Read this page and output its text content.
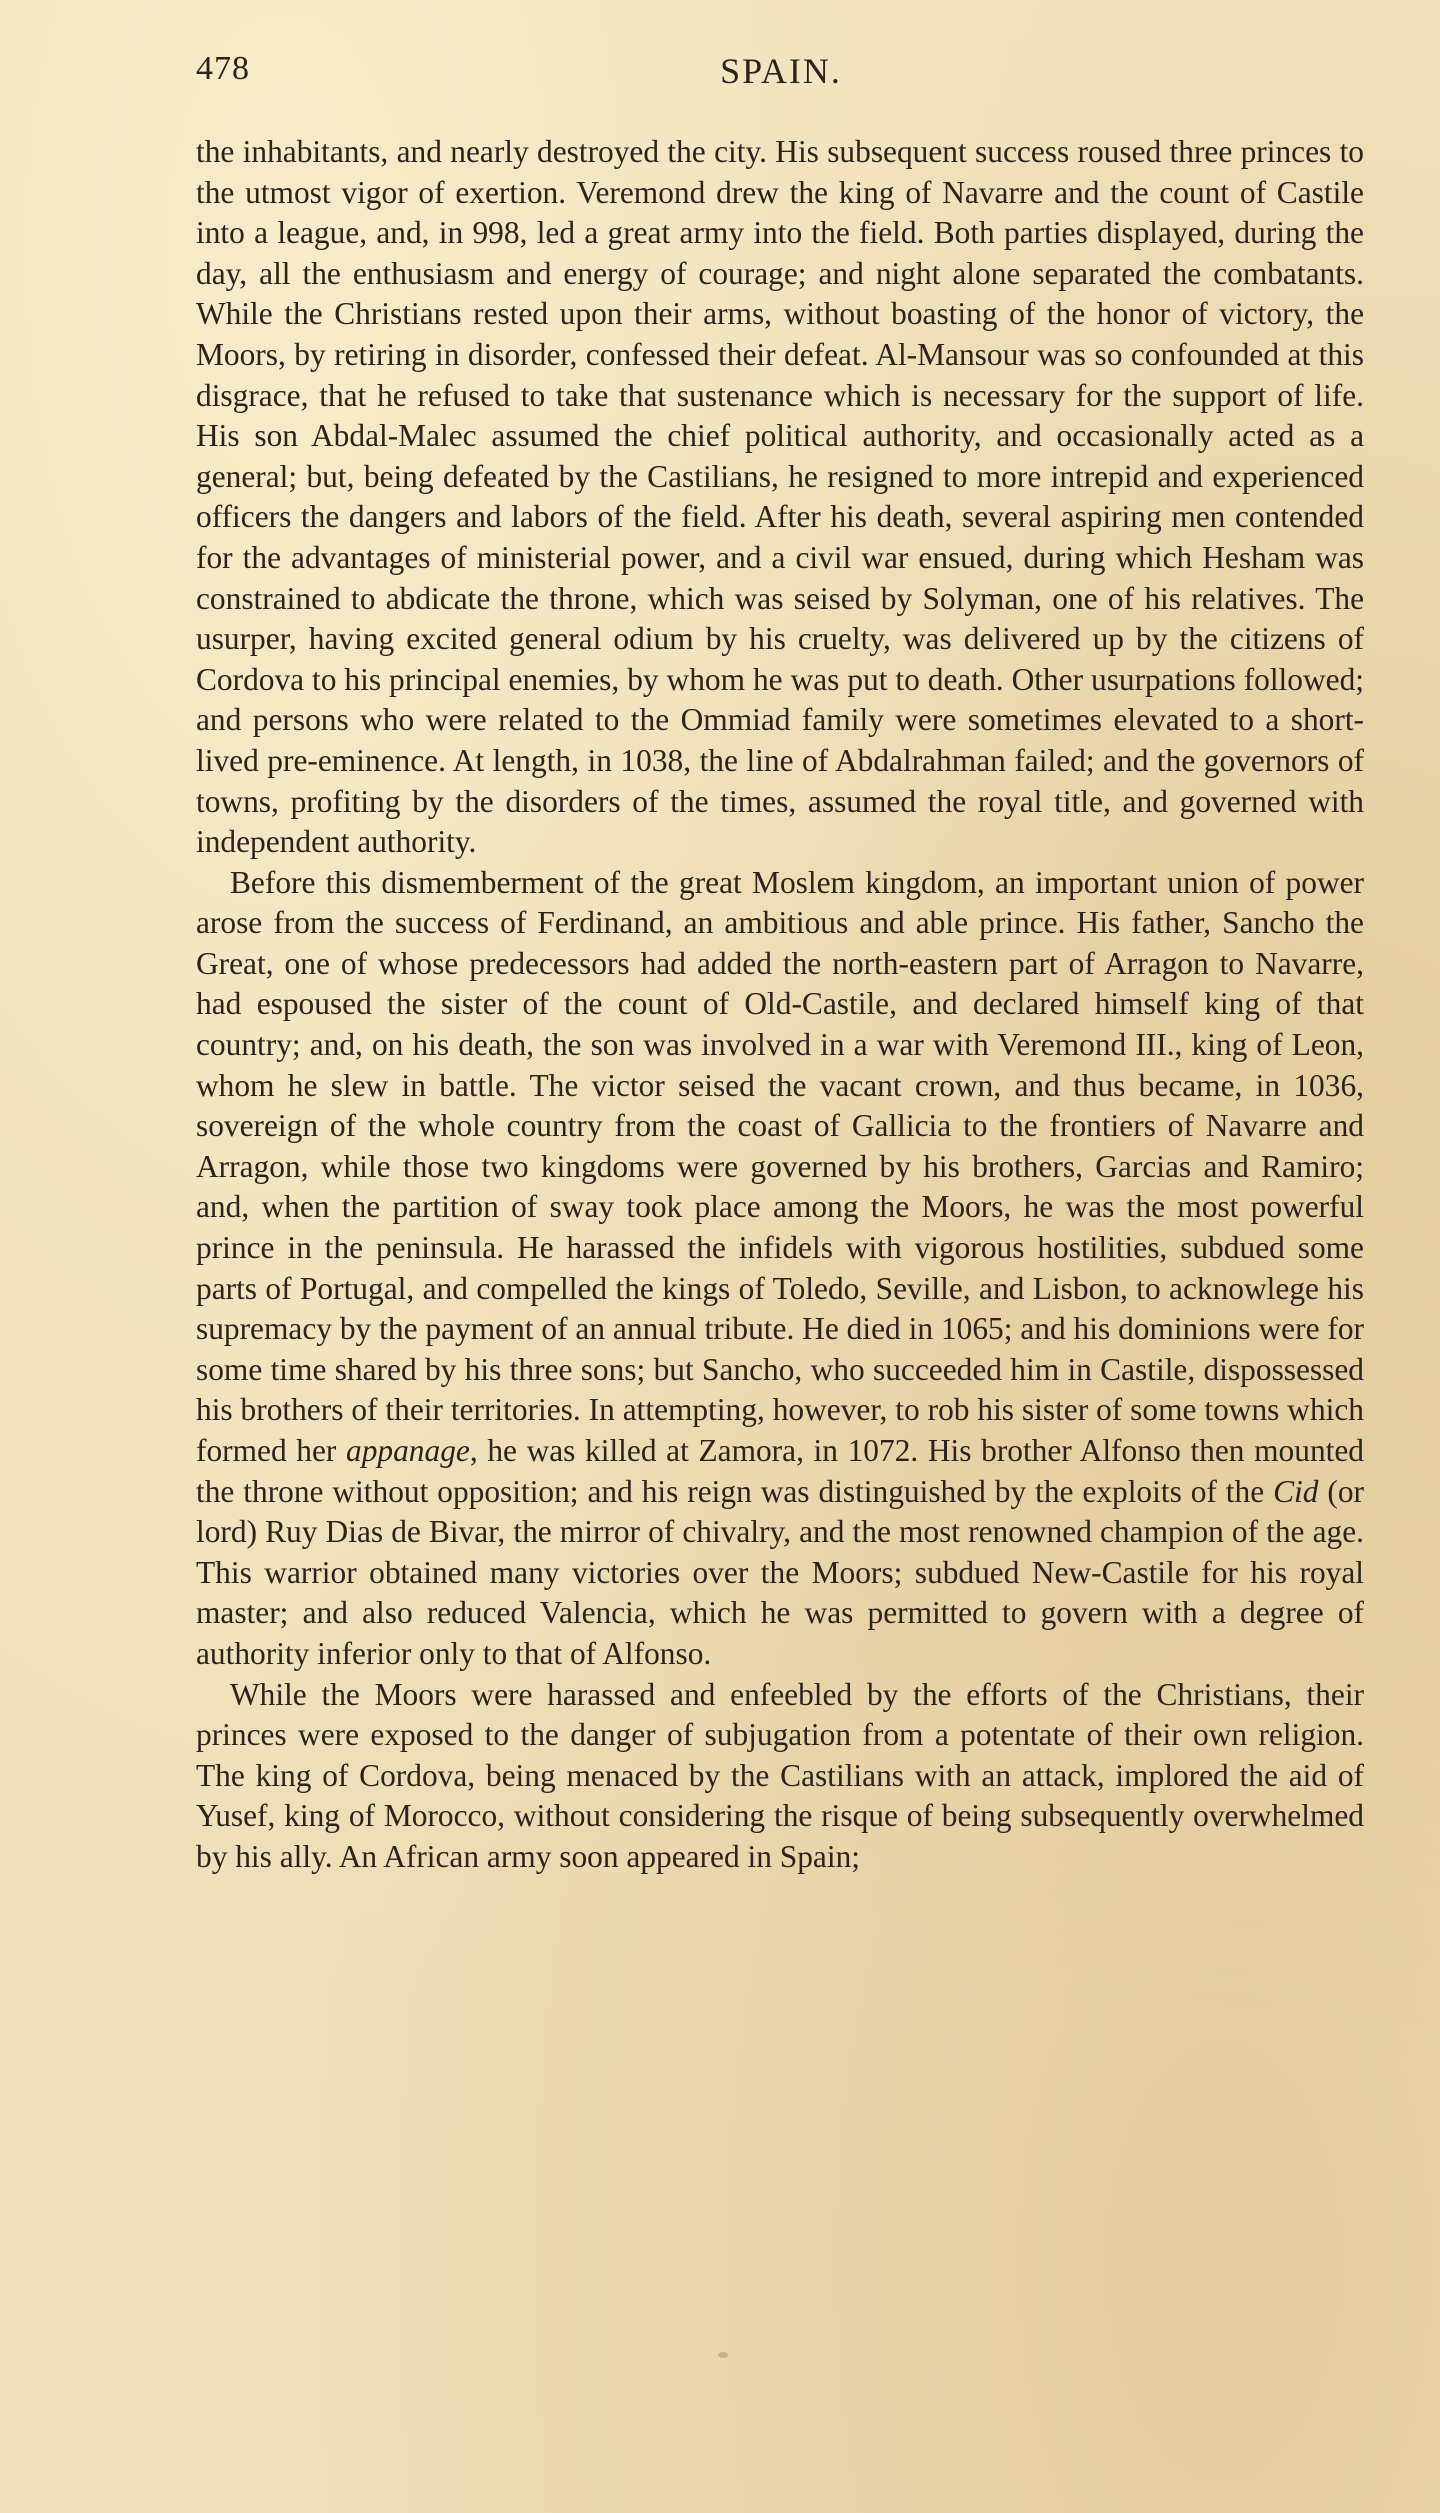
478	SPAIN.

the inhabitants, and nearly destroyed the city. His subsequent success roused three princes to the utmost vigor of exertion. Veremond drew the king of Navarre and the count of Castile into a league, and, in 998, led a great army into the field. Both parties displayed, during the day, all the enthusiasm and energy of courage; and night alone separated the combatants. While the Christians rested upon their arms, without boasting of the honor of victory, the Moors, by retiring in disorder, confessed their defeat. Al-Mansour was so confounded at this disgrace, that he refused to take that sustenance which is necessary for the support of life. His son Abdal-Malec assumed the chief political authority, and occasionally acted as a general; but, being defeated by the Castilians, he resigned to more intrepid and experienced officers the dangers and labors of the field. After his death, several aspiring men contended for the advantages of ministerial power, and a civil war ensued, during which Hesham was constrained to abdicate the throne, which was seised by Solyman, one of his relatives. The usurper, having excited general odium by his cruelty, was delivered up by the citizens of Cordova to his principal enemies, by whom he was put to death. Other usurpations followed; and persons who were related to the Ommiad family were sometimes elevated to a short-lived pre-eminence. At length, in 1038, the line of Abdalrahman failed; and the governors of towns, profiting by the disorders of the times, assumed the royal title, and governed with independent authority.

Before this dismemberment of the great Moslem kingdom, an important union of power arose from the success of Ferdinand, an ambitious and able prince. His father, Sancho the Great, one of whose predecessors had added the north-eastern part of Arragon to Navarre, had espoused the sister of the count of Old-Castile, and declared himself king of that country; and, on his death, the son was involved in a war with Veremond III., king of Leon, whom he slew in battle. The victor seised the vacant crown, and thus became, in 1036, sovereign of the whole country from the coast of Gallicia to the frontiers of Navarre and Arragon, while those two kingdoms were governed by his brothers, Garcias and Ramiro; and, when the partition of sway took place among the Moors, he was the most powerful prince in the peninsula. He harassed the infidels with vigorous hostilities, subdued some parts of Portugal, and compelled the kings of Toledo, Seville, and Lisbon, to acknowlege his supremacy by the payment of an annual tribute. He died in 1065; and his dominions were for some time shared by his three sons; but Sancho, who succeeded him in Castile, dispossessed his brothers of their territories. In attempting, however, to rob his sister of some towns which formed her appanage, he was killed at Zamora, in 1072. His brother Alfonso then mounted the throne without opposition; and his reign was distinguished by the exploits of the Cid (or lord) Ruy Dias de Bivar, the mirror of chivalry, and the most renowned champion of the age. This warrior obtained many victories over the Moors; subdued New-Castile for his royal master; and also reduced Valencia, which he was permitted to govern with a degree of authority inferior only to that of Alfonso.

While the Moors were harassed and enfeebled by the efforts of the Christians, their princes were exposed to the danger of subjugation from a potentate of their own religion. The king of Cordova, being menaced by the Castilians with an attack, implored the aid of Yusef, king of Morocco, without considering the risque of being subsequently overwhelmed by his ally. An African army soon appeared in Spain;
